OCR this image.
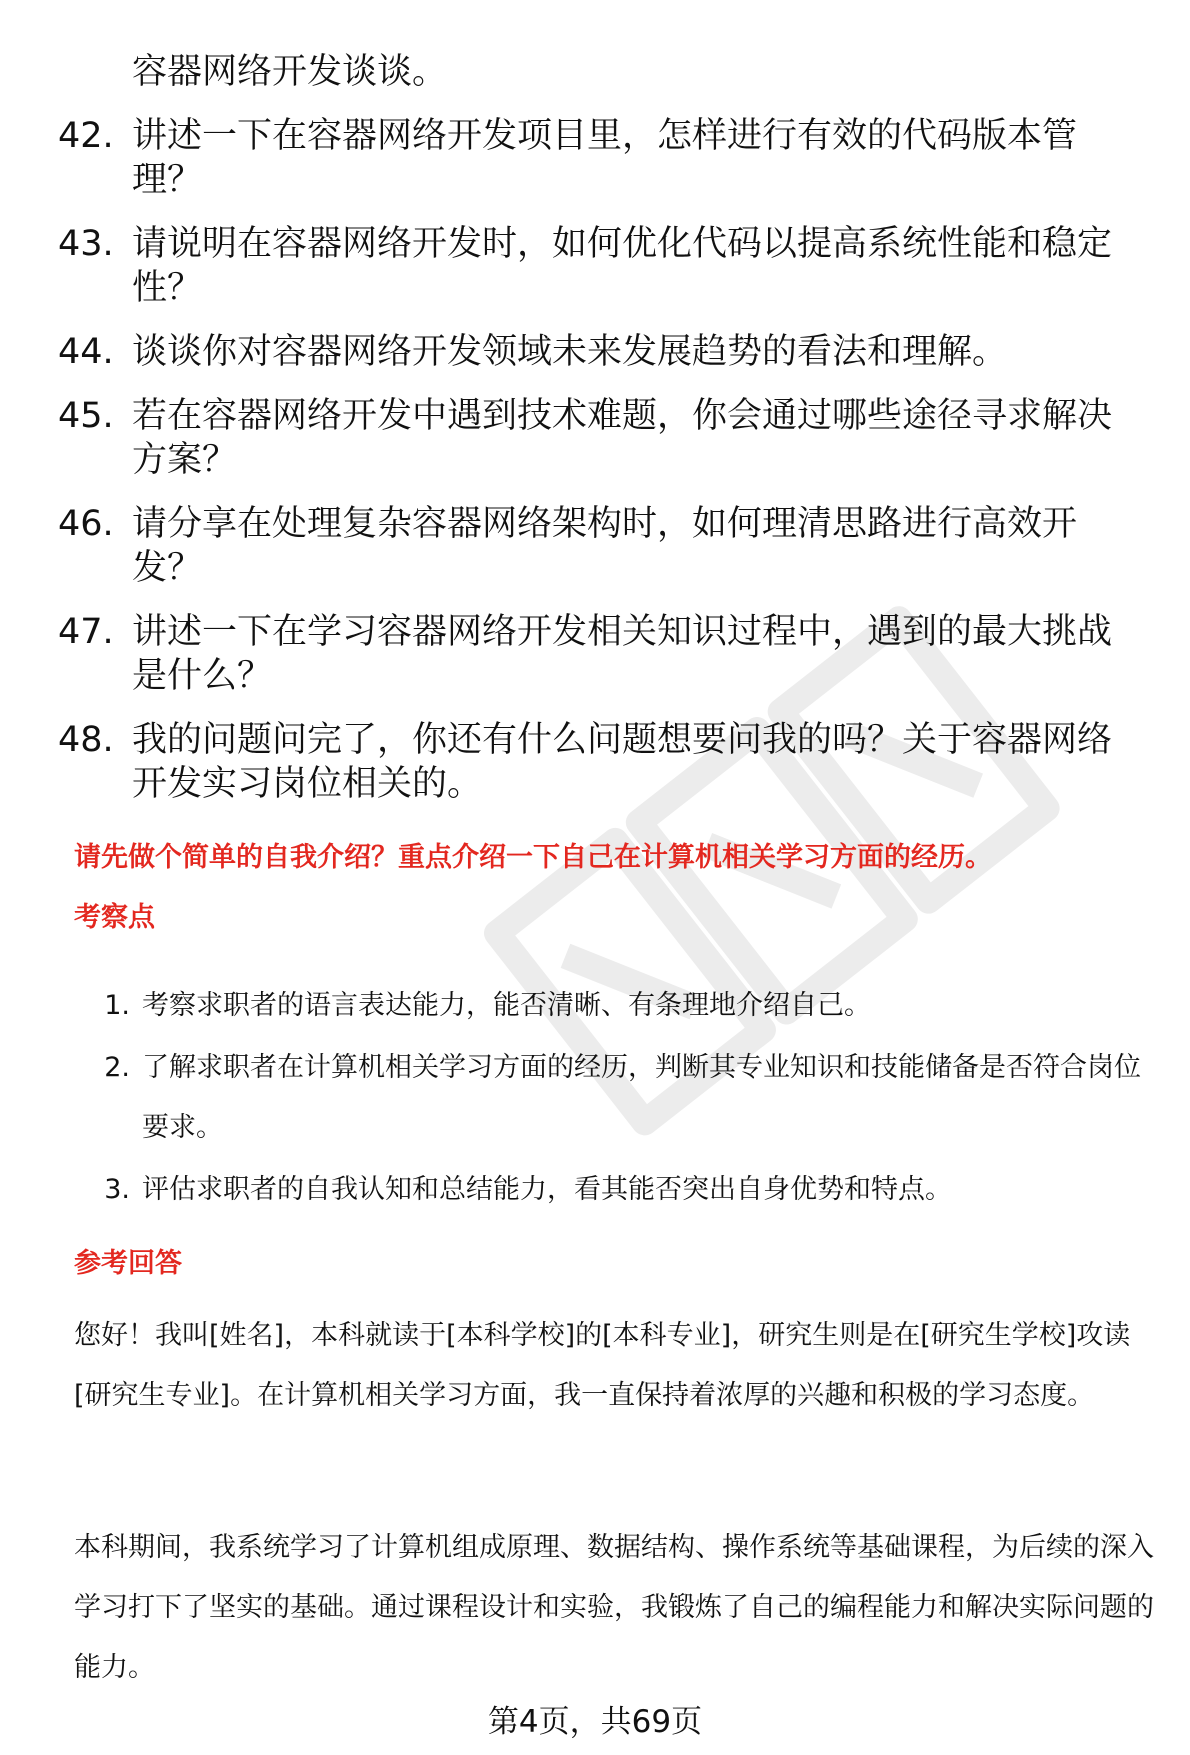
容器网络开发谈谈。

42. 讲述一下在容器网络开发项目里，怎样进行有效的代码版本管理？
43. 请说明在容器网络开发时，如何优化代码以提高系统性能和稳定性？
44. 谈谈你对容器网络开发领域未来发展趋势的看法和理解。
45. 若在容器网络开发中遇到技术难题，你会通过哪些途径寻求解决方案？
46. 请分享在处理复杂容器网络架构时，如何理清思路进行高效开发？
47. 讲述一下在学习容器网络开发相关知识过程中，遇到的最大挑战是什么？
48. 我的问题问完了，你还有什么问题想要问我的吗？关于容器网络开发实习岗位相关的。

请先做个简单的自我介绍？重点介绍一下自己在计算机相关学习方面的经历。

考察点
1. 考察求职者的语言表达能力，能否清晰、有条理地介绍自己。
2. 了解求职者在计算机相关学习方面的经历，判断其专业知识和技能储备是否符合岗位要求。
3. 评估求职者的自我认知和总结能力，看其能否突出自身优势和特点。
参考回答

您好！我叫[姓名]，本科就读于[本科学校]的[本科专业]，研究生则是在[研究生学校]攻读[研究生专业]。在计算机相关学习方面，我一直保持着浓厚的兴趣和积极的学习态度。

本科期间，我系统学习了计算机组成原理、数据结构、操作系统等基础课程，为后续的深入学习打下了坚实的基础。通过课程设计和实验，我锻炼了自己的编程能力和解决实际问题的能力。

第4页，共69页
